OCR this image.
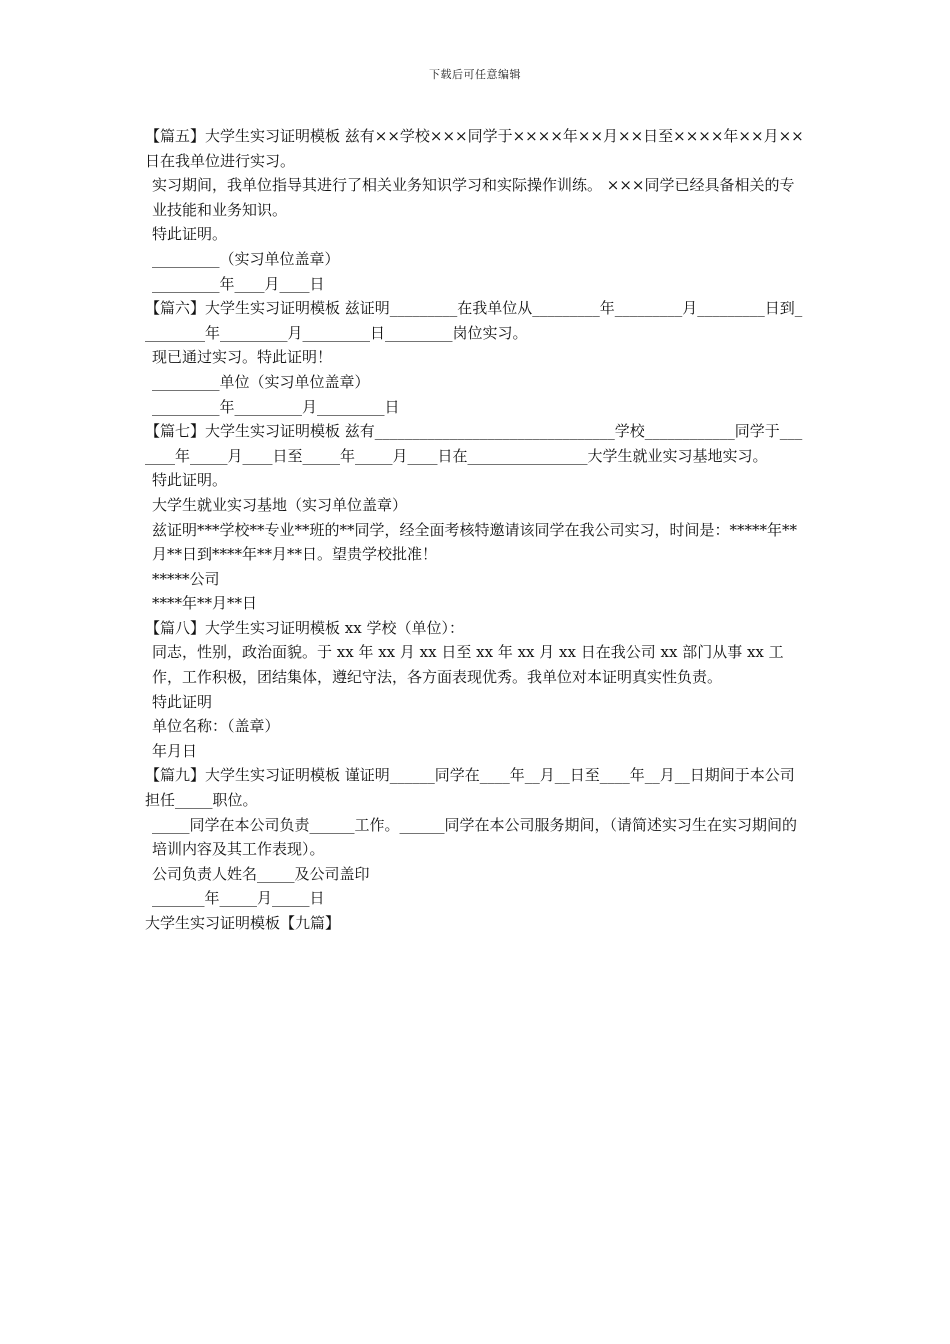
下载后可任意编辑

【篇五】大学生实习证明模板 兹有××学校×××同学于××××年××月××日至××××年××月××日在我单位进行实习。

实习期间，我单位指导其进行了相关业务知识学习和实际操作训练。 ×××同学已经具备相关的专业技能和业务知识。

特此证明。

_________（实习单位盖章）

_________年____月____日

【篇六】大学生实习证明模板 兹证明_________在我单位从_________年_________月_________日到_________年_________月_________日_________岗位实习。

现已通过实习。特此证明！

_________单位（实习单位盖章）

_________年_________月_________日

【篇七】大学生实习证明模板 兹有________________________________学校____________同学于_______年_____月____日至_____年_____月____日在________________大学生就业实习基地实习。

特此证明。

大学生就业实习基地（实习单位盖章）

兹证明***学校**专业**班的**同学，经全面考核特邀请该同学在我公司实习，时间是：*****年**月**日到****年**月**日。望贵学校批准！

*****公司

****年**月**日

【篇八】大学生实习证明模板 xx 学校（单位）：

同志，性别，政治面貌。于 xx 年 xx 月 xx 日至 xx 年 xx 月 xx 日在我公司 xx 部门从事 xx 工作，工作积极，团结集体，遵纪守法，各方面表现优秀。我单位对本证明真实性负责。

特此证明

单位名称：（盖章）

年月日

【篇九】大学生实习证明模板 谨证明______同学在____年__月__日至____年__月__日期间于本公司担任_____职位。

_____同学在本公司负责______工作。______同学在本公司服务期间，（请简述实习生在实习期间的培训内容及其工作表现）。

公司负责人姓名_____及公司盖印

_______年_____月_____日

大学生实习证明模板【九篇】
